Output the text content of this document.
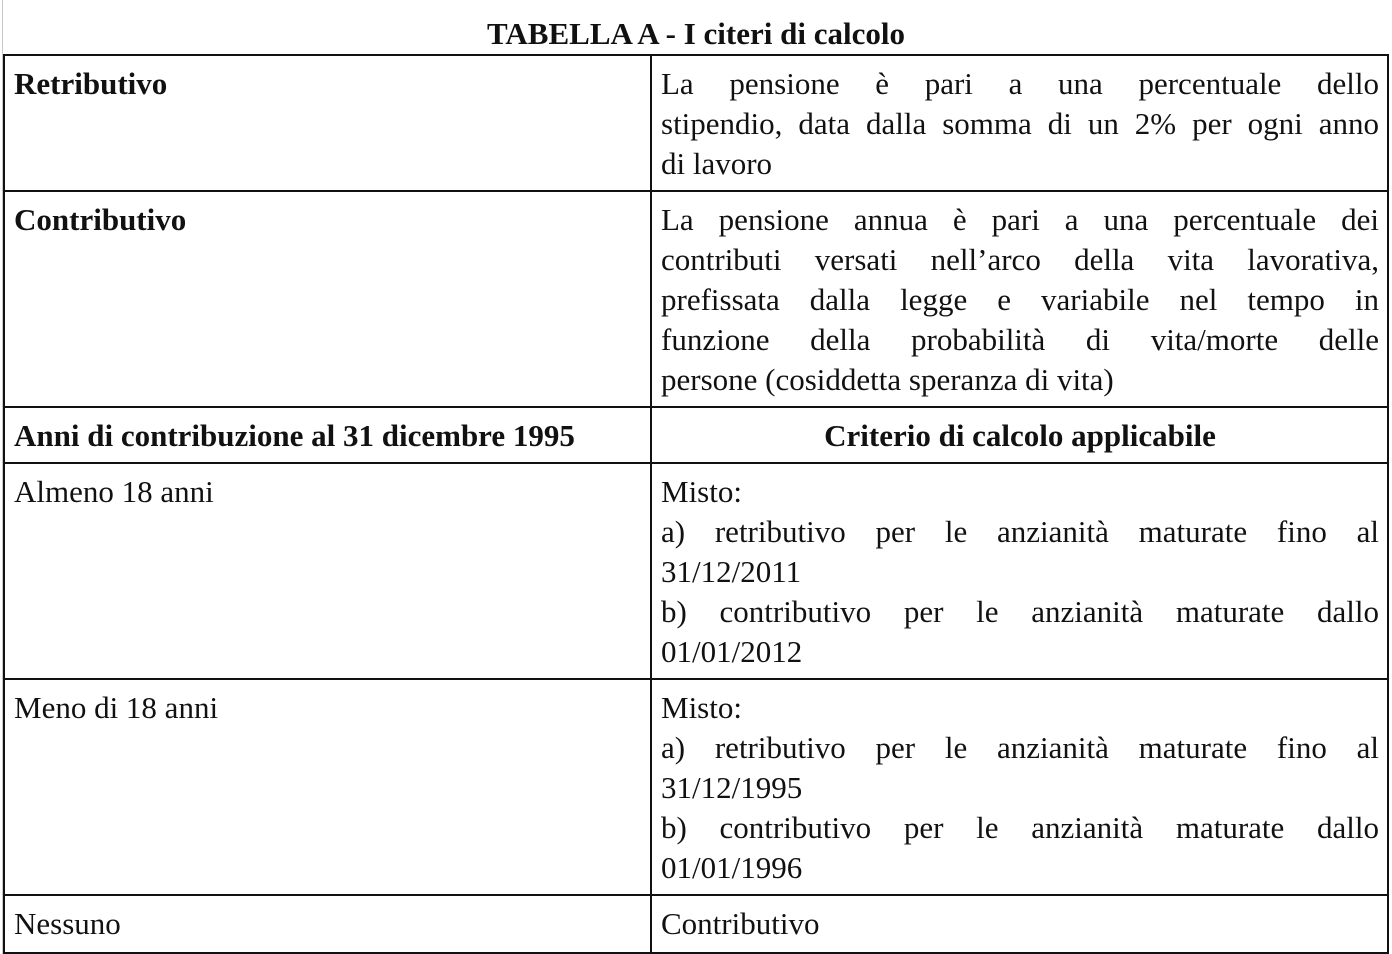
TABELLA A - I citeri di calcolo
Retributivo	La pensione è pari a una percentuale dello
stipendio, data dalla somma di un 2% per ogni anno
di lavoro

Contributivo	La pensione annua è pari a una percentuale dei
contributi versati nell’arco della vita lavorativa,
prefissata dalla legge e variabile nel tempo in
funzione della probabilità di vita/morte delle
persone (cosiddetta speranza di vita)

Anni di contribuzione al 31 dicembre 1995	Criterio di calcolo applicabile
Almeno 18 anni	Misto:
a) retributivo per le anzianità maturate fino al
31/12/2011
b) contributivo per le anzianità maturate dallo
01/01/2012

Meno di 18 anni	Misto:
a) retributivo per le anzianità maturate fino al
31/12/1995
b) contributivo per le anzianità maturate dallo
01/01/1996

Nessuno	Contributivo
